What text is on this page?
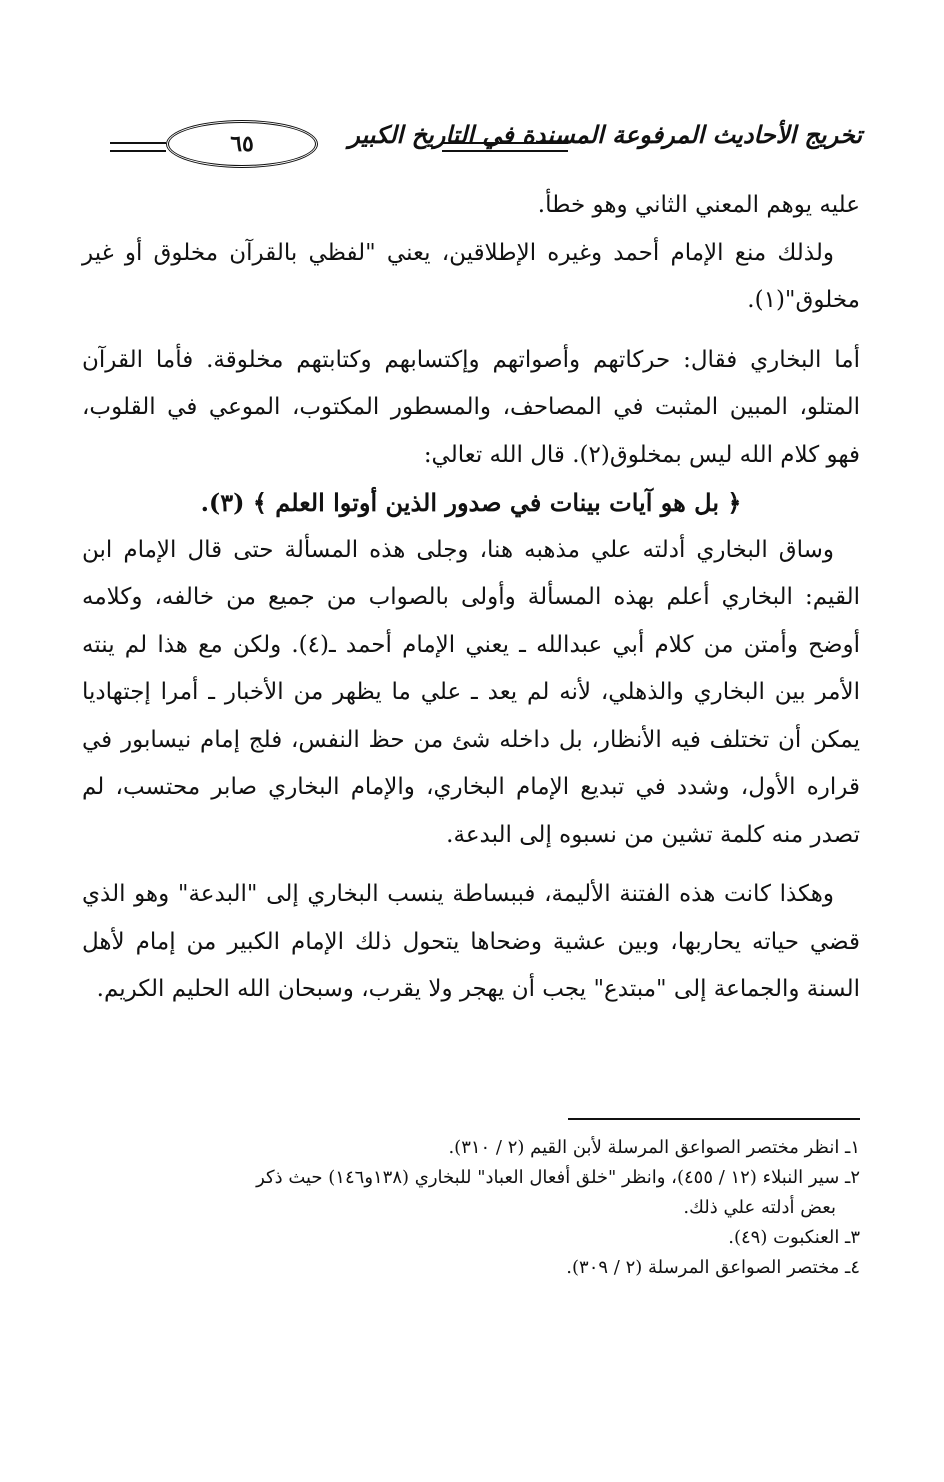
تخريج الأحاديث المرفوعة المسندة في التاريخ الكبير
٦٥

عليه يوهم المعني الثاني وهو خطأ.

ولذلك منع الإمام أحمد وغيره الإطلاقين، يعني "لفظي بالقرآن مخلوق أو غير مخلوق"(١).

أما البخاري فقال: حركاتهم وأصواتهم وإكتسابهم وكتابتهم مخلوقة. فأما القرآن المتلو، المبين المثبت في المصاحف، والمسطور المكتوب، الموعي في القلوب، فهو كلام الله ليس بمخلوق(٢). قال الله تعالي:

﴿ بل هو آيات بينات في صدور الذين أوتوا العلم ﴾ (٣).

وساق البخاري أدلته علي مذهبه هنا، وجلى هذه المسألة حتى قال الإمام ابن القيم: البخاري أعلم بهذه المسألة وأولى بالصواب من جميع من خالفه، وكلامه أوضح وأمتن من كلام أبي عبدالله ـ يعني الإمام أحمد ـ(٤). ولكن مع هذا لم ينته الأمر بين البخاري والذهلي، لأنه لم يعد ـ علي ما يظهر من الأخبار ـ أمرا إجتهاديا يمكن أن تختلف فيه الأنظار، بل داخله شئ من حظ النفس، فلج إمام نيسابور في قراره الأول، وشدد في تبديع الإمام البخاري، والإمام البخاري صابر محتسب، لم تصدر منه كلمة تشين من نسبوه إلى البدعة.

وهكذا كانت هذه الفتنة الأليمة، فببساطة ينسب البخاري إلى "البدعة" وهو الذي قضي حياته يحاربها، وبين عشية وضحاها يتحول ذلك الإمام الكبير من إمام لأهل السنة والجماعة إلى "مبتدع" يجب أن يهجر ولا يقرب، وسبحان الله الحليم الكريم.

١ـ انظر مختصر الصواعق المرسلة لأبن القيم (٢ / ٣١٠).

٢ـ سير النبلاء (١٢ / ٤٥٥)، وانظر "خلق أفعال العباد" للبخاري (١٣٨و١٤٦) حيث ذكر

بعض أدلته علي ذلك.

٣ـ العنكبوت (٤٩).

٤ـ مختصر الصواعق المرسلة (٢ / ٣٠٩).
